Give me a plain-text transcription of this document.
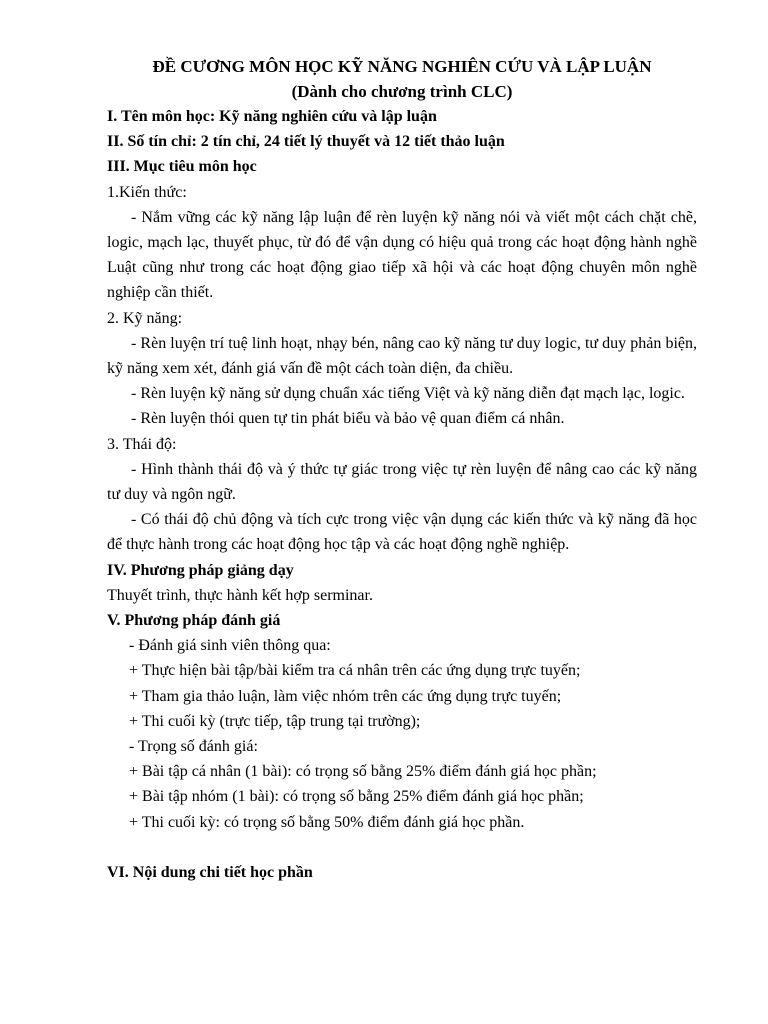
ĐỀ CƯƠNG MÔN HỌC KỸ NĂNG NGHIÊN CỨU VÀ LẬP LUẬN

(Dành cho chương trình CLC)

I. Tên môn học: Kỹ năng nghiên cứu và lập luận

II. Số tín chỉ: 2 tín chỉ, 24 tiết lý thuyết và 12 tiết thảo luận

III. Mục tiêu môn học

1.Kiến thức:

- Nắm vững các kỹ năng lập luận để rèn luyện kỹ năng nói và viết một cách chặt chẽ, logic, mạch lạc, thuyết phục, từ đó để vận dụng có hiệu quả trong các hoạt động hành nghề Luật cũng như trong các hoạt động giao tiếp xã hội và các hoạt động chuyên môn nghề nghiệp cần thiết.

2. Kỹ năng:

- Rèn luyện trí tuệ linh hoạt, nhạy bén, nâng cao kỹ năng tư duy logic, tư duy phản biện, kỹ năng xem xét, đánh giá vấn đề một cách toàn diện, đa chiều.

- Rèn luyện kỹ năng sử dụng chuẩn xác tiếng Việt và kỹ năng diễn đạt mạch lạc, logic.

- Rèn luyện thói quen tự tin phát biểu và bảo vệ quan điểm cá nhân.

3. Thái độ:

- Hình thành thái độ và ý thức tự giác trong việc tự rèn luyện để nâng cao các kỹ năng tư duy và ngôn ngữ.

- Có thái độ chủ động và tích cực trong việc vận dụng các kiến thức và kỹ năng đã học để thực hành trong các hoạt động học tập và các hoạt động nghề nghiệp.

IV. Phương pháp giảng dạy

Thuyết trình, thực hành kết hợp serminar.

V. Phương pháp đánh giá

- Đánh giá sinh viên thông qua:

+ Thực hiện bài tập/bài kiểm tra cá nhân trên các ứng dụng trực tuyến;

+ Tham gia thảo luận, làm việc nhóm trên các ứng dụng trực tuyến;

+ Thi cuối kỳ (trực tiếp, tập trung tại trường);

- Trọng số đánh giá:

+ Bài tập cá nhân (1 bài): có trọng số bằng 25% điểm đánh giá học phần;

+ Bài tập nhóm (1 bài): có trọng số bằng 25% điểm đánh giá học phần;

+ Thi cuối kỳ: có trọng số bằng 50% điểm đánh giá học phần.

VI. Nội dung chi tiết học phần
